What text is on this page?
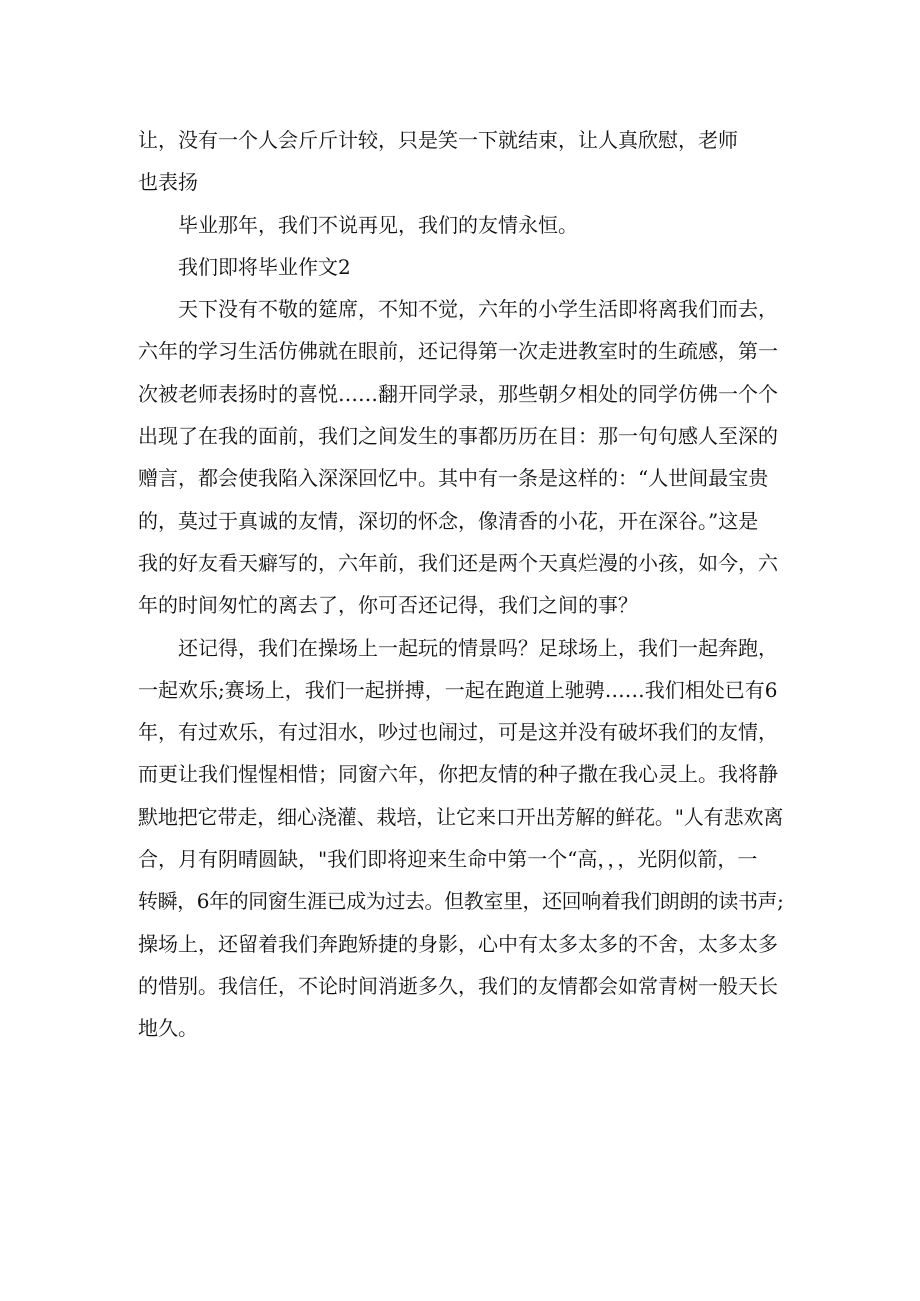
让，没有一个人会斤斤计较，只是笑一下就结束，让人真欣慰，老师
也表扬
毕业那年，我们不说再见，我们的友情永恒。
我们即将毕业作文2
天下没有不敬的筵席，不知不觉，六年的小学生活即将离我们而去，
六年的学习生活仿佛就在眼前，还记得第一次走进教室时的生疏感，第一
次被老师表扬时的喜悦……翻开同学录，那些朝夕相处的同学仿佛一个个
出现了在我的面前，我们之间发生的事都历历在目：那一句句感人至深的
赠言，都会使我陷入深深回忆中。其中有一条是这样的：“人世间最宝贵
的，莫过于真诚的友情，深切的怀念，像清香的小花，开在深谷。”这是
我的好友看天癖写的，六年前，我们还是两个天真烂漫的小孩，如今，六
年的时间匆忙的离去了，你可否还记得，我们之间的事？
还记得，我们在操场上一起玩的情景吗？足球场上，我们一起奔跑，
一起欢乐;赛场上，我们一起拼搏，一起在跑道上驰骋……我们相处已有6
年，有过欢乐，有过泪水，吵过也闹过，可是这并没有破坏我们的友情，
而更让我们惺惺相惜；同窗六年，你把友情的种子撒在我心灵上。我将静
默地把它带走，细心浇灌、栽培，让它来口开出芳解的鲜花。"人有悲欢离
合，月有阴晴圆缺，"我们即将迎来生命中第一个“高，，，光阴似箭，一
转瞬，6年的同窗生涯已成为过去。但教室里，还回响着我们朗朗的读书声;
操场上，还留着我们奔跑矫捷的身影，心中有太多太多的不舍，太多太多
的惜别。我信任，不论时间消逝多久，我们的友情都会如常青树一般天长
地久。
